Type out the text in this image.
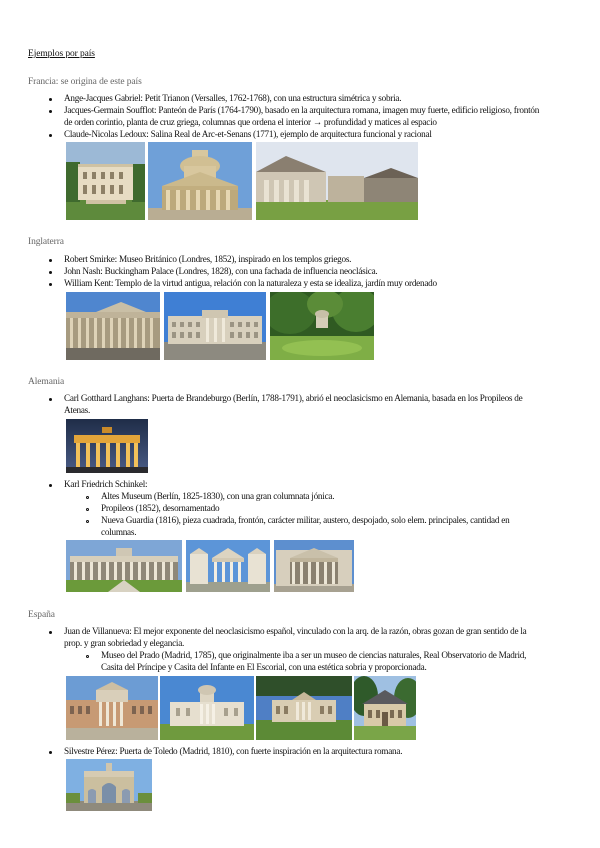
Ejemplos por país
Francia: se origina de este país
Ange-Jacques Gabriel: Petit Trianon (Versalles, 1762-1768), con una estructura simétrica y sobria.
Jacques-Germain Soufflot: Panteón de París (1764-1790), basado en la arquitectura romana, imagen muy fuerte, edificio religioso, frontón
de orden corintio, planta de cruz griega, columnas que ordena el interior → profundidad y matices al espacio
Claude-Nicolas Ledoux: Salina Real de Arc-et-Senans (1771), ejemplo de arquitectura funcional y racional
Inglaterra
Robert Smirke: Museo Británico (Londres, 1852), inspirado en los templos griegos.
John Nash: Buckingham Palace (Londres, 1828), con una fachada de influencia neoclásica.
William Kent: Templo de la virtud antigua, relación con la naturaleza y esta se idealiza, jardín muy ordenado
Alemania
Carl Gotthard Langhans: Puerta de Brandeburgo (Berlín, 1788-1791), abrió el neoclasicismo en Alemania, basada en los Propileos de
Atenas.
Karl Friedrich Schinkel:
Altes Museum (Berlín, 1825-1830), con una gran columnata jónica.
Propileos (1852), desornamentado
Nueva Guardia (1816), pieza cuadrada, frontón, carácter militar, austero, despojado, solo elem. principales, cantidad en
columnas.
España
Juan de Villanueva: El mejor exponente del neoclasicismo español, vinculado con la arq. de la razón, obras gozan de gran sentido de la
prop. y gran sobriedad y elegancia.
Museo del Prado (Madrid, 1785), que originalmente iba a ser un museo de ciencias naturales, Real Observatorio de Madrid,
Casita del Príncipe y Casita del Infante en El Escorial, con una estética sobria y proporcionada.
Silvestre Pérez: Puerta de Toledo (Madrid, 1810), con fuerte inspiración en la arquitectura romana.
